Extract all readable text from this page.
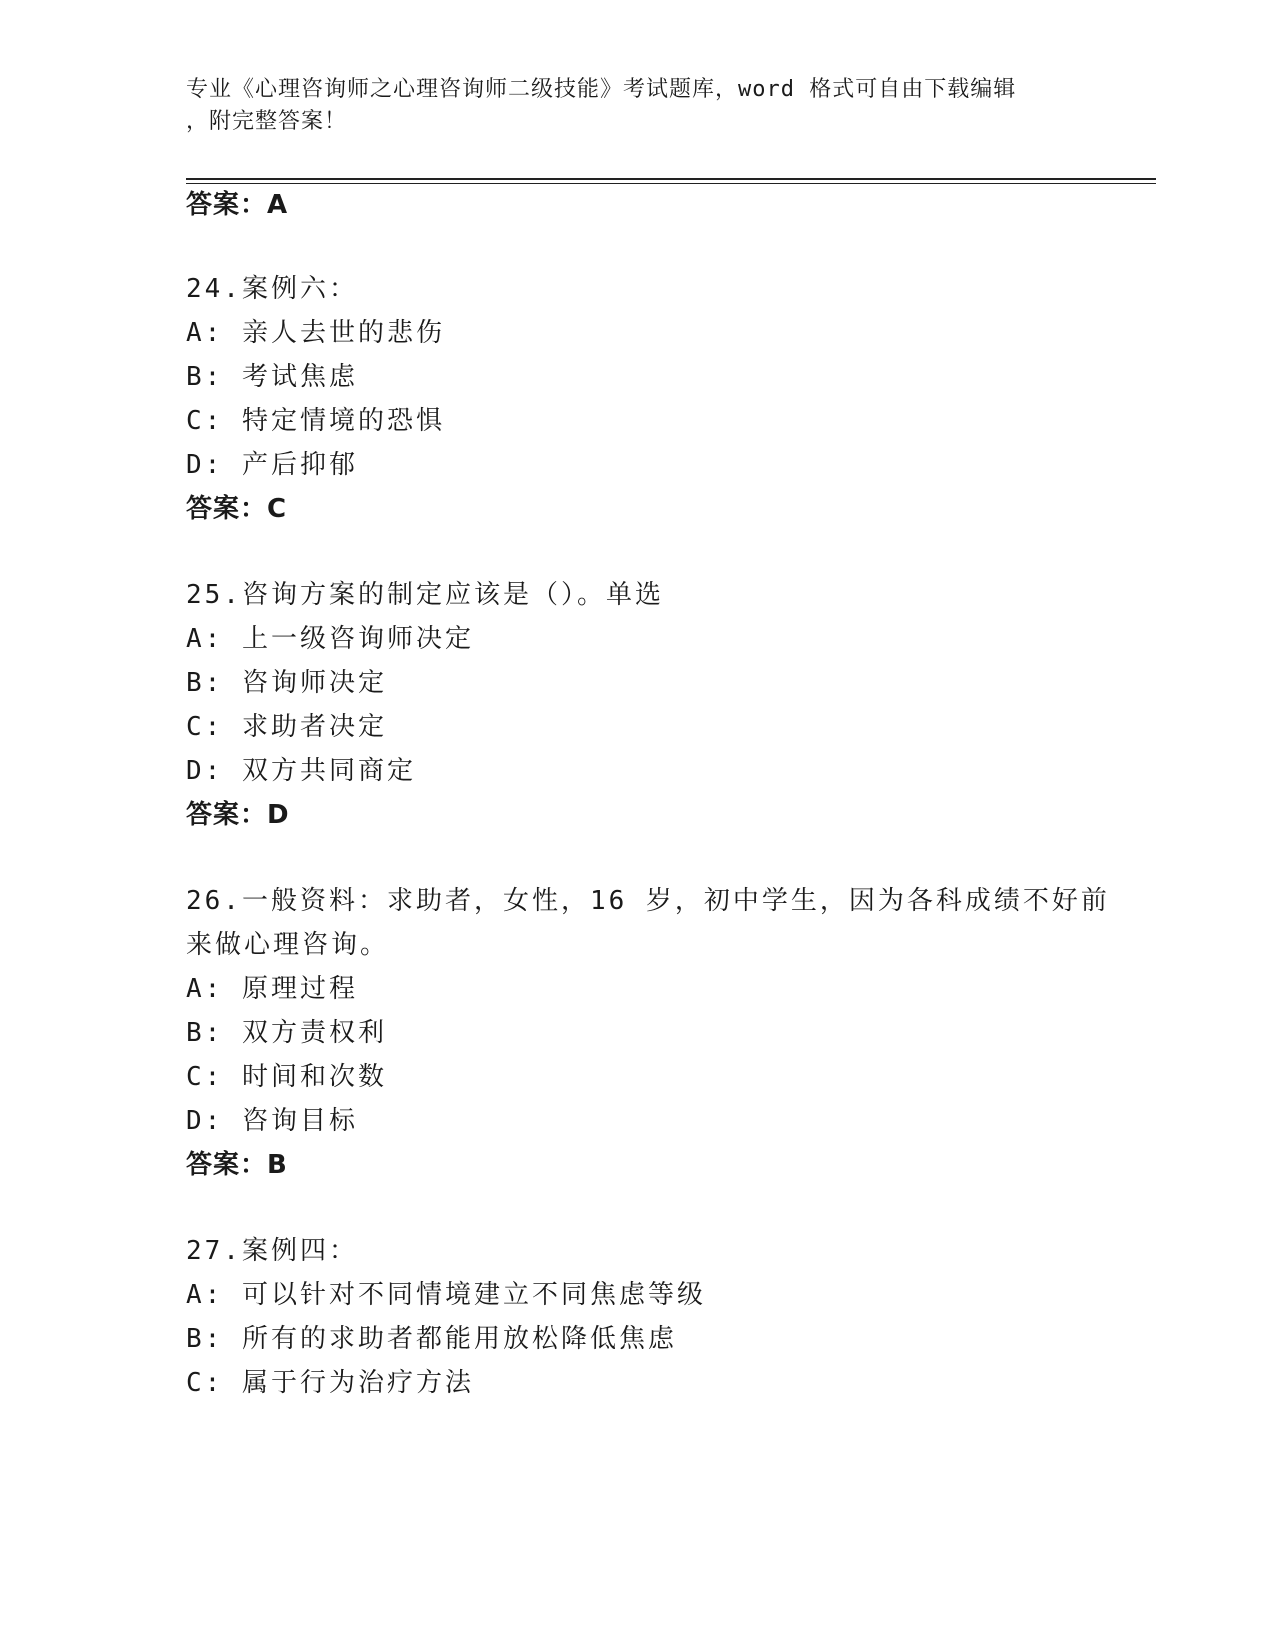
专业《心理咨询师之心理咨询师二级技能》考试题库，word 格式可自由下载编辑
，附完整答案！
答案：A
24.案例六：
A: 亲人去世的悲伤
B: 考试焦虑
C: 特定情境的恐惧
D: 产后抑郁
答案：C
25.咨询方案的制定应该是（）。单选
A: 上一级咨询师决定
B: 咨询师决定
C: 求助者决定
D: 双方共同商定
答案：D
26.一般资料：求助者，女性，16 岁，初中学生，因为各科成绩不好前
来做心理咨询。
A: 原理过程
B: 双方责权利
C: 时间和次数
D: 咨询目标
答案：B
27.案例四：
A: 可以针对不同情境建立不同焦虑等级
B: 所有的求助者都能用放松降低焦虑
C: 属于行为治疗方法
